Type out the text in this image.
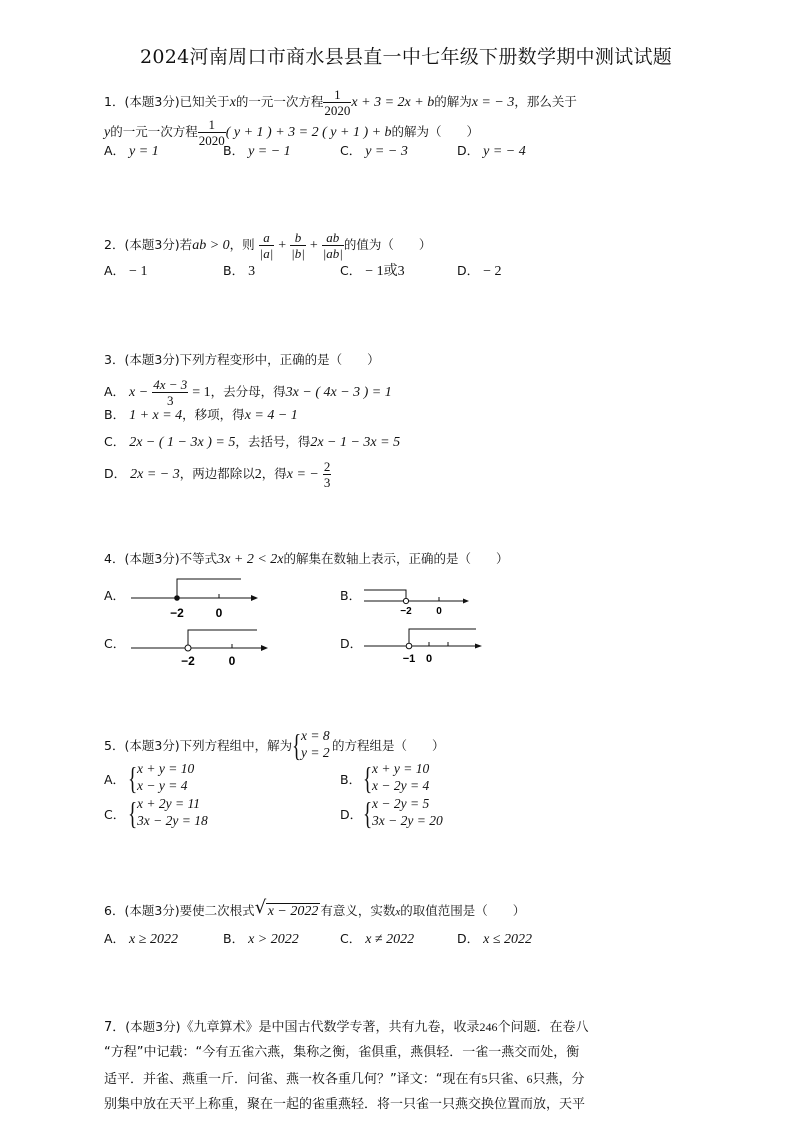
2024河南周口市商水县县直一中七年级下册数学期中测试试题
1．(本题3分)已知关于x的一元一次方程 $\frac{1}{2020}$ x + 3 = 2x + b的解为x = − 3，那么关于
y的一元一次方程 $\frac{1}{2020}$ ( y + 1 ) + 3 = 2 ( y + 1 ) + b的解为（　　）
A． y = 1	B． y = − 1	C． y = − 3	D． y = − 4
2．(本题3分)若ab > 0，则 $\frac{a}{|a|} + \frac{b}{|b|} + \frac{ab}{|ab|}$ 的值为（　　）
A． − 1	B． 3	C． − 1或3	D． − 2
3．(本题3分)下列方程变形中，正确的是（　　）
A． $x - \frac{4x - 3}{3} = 1$，去分母，得3x − ( 4x − 3 ) = 1
B． 1 + x = 4，移项，得x = 4 − 1
C． 2x − ( 1 − 3x ) = 5，去括号，得2x − 1 − 3x = 5
D． 2x = − 3，两边都除以2，得x = − $\frac{2}{3}$
4．(本题3分)不等式3x + 2 < 2x的解集在数轴上表示，正确的是（　　）
A．
−2	0
B．
−2 0
C．
−2	0
D．
−1 0
5．(本题3分)下列方程组中，解为 { x = 8
y = 2 的方程组是（　　）
A． { x + y = 10
x − y = 4	B． { x + y = 10
x − 2y = 4
C． { x + 2y = 11
3x − 2y = 18	D． { x − 2y = 5
3x − 2y = 20
6．(本题3分)要使二次根式 √ x − 2022 有意义，实数x的取值范围是（　　）
A． x ≥ 2022	B． x > 2022	C． x ≠ 2022	D． x ≤ 2022
7．(本题3分)《九章算术》是中国古代数学专著，共有九卷，收录246个问题．在卷八
“方程”中记载：“今有五雀六燕，集称之衡，雀俱重，燕俱轻．一雀一燕交而处，衡
适平．并雀、燕重一斤．问雀、燕一枚各重几何？”译文：“现在有5只雀、6只燕，分
别集中放在天平上称重，聚在一起的雀重燕轻．将一只雀一只燕交换位置而放，天平
